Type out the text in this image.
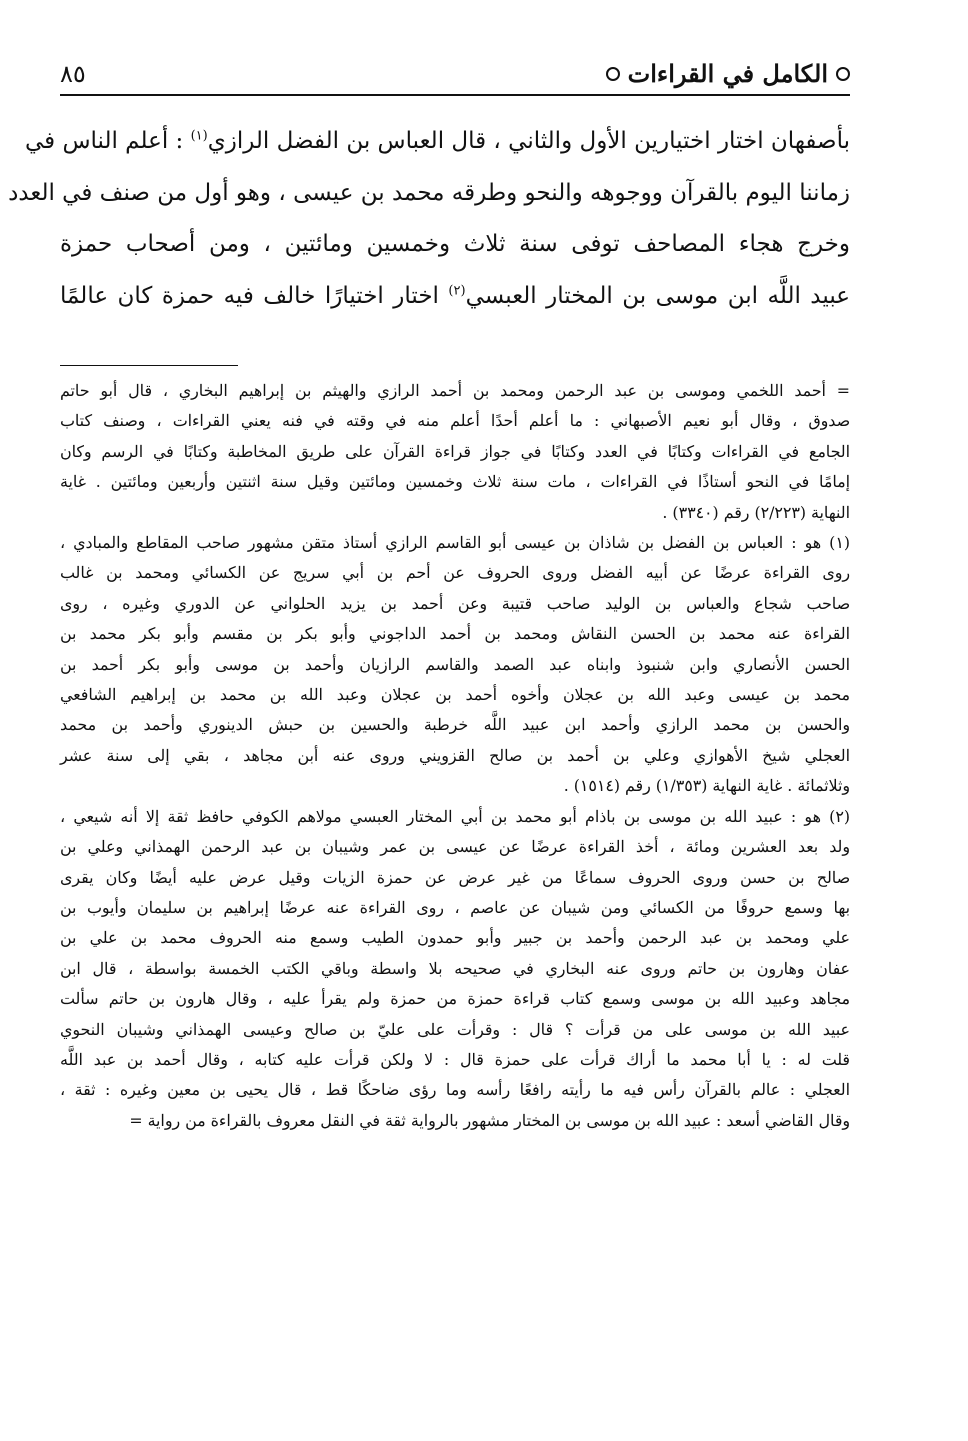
الكامل في القراءات
٨٥

بأصفهان اختار اختيارين الأول والثاني ، قال العباس بن الفضل الرازي$^{(١)}$ : أعلم الناس في

زماننا اليوم بالقرآن ووجوهه والنحو وطرقه محمد بن عيسى ، وهو أول من صنف في العدد

وخرج هجاء المصاحف توفى سنة ثلاث وخمسين ومائتين ، ومن أصحاب حمزة

عبيد اللَّه ابن موسى بن المختار العبسي$^{(٢)}$ اختار اختيارًا خالف فيه حمزة كان عالمًا

= أحمد اللخمي وموسى بن عبد الرحمن ومحمد بن أحمد الرازي والهيثم بن إبراهيم البخاري ، قال أبو حاتم
صدوق ، وقال أبو نعيم الأصبهاني : ما أعلم أحدًا أعلم منه في وقته في فنه يعني القراءات ، وصنف كتاب
الجامع في القراءات وكتابًا في العدد وكتابًا في جواز قراءة القرآن على طريق المخاطبة وكتابًا في الرسم وكان
إمامًا في النحو أستاذًا في القراءات ، مات سنة ثلاث وخمسين ومائتين وقيل سنة اثنتين وأربعين ومائتين . غاية
النهاية (٢/٢٢٣) رقم (٣٣٤٠) .
(١) هو : العباس بن الفضل بن شاذان بن عيسى أبو القاسم الرازي أستاذ متقن مشهور صاحب المقاطع والمبادي ،
روى القراءة عرضًا عن أبيه الفضل وروى الحروف عن أحم بن أبي سريج عن الكسائي ومحمد بن غالب
صاحب شجاع والعباس بن الوليد صاحب قتيبة وعن أحمد بن يزيد الحلواني عن الدوري وغيره ، روى
القراءة عنه محمد بن الحسن النقاش ومحمد بن أحمد الداجوني وأبو بكر بن مقسم وأبو بكر محمد بن
الحسن الأنصاري وابن شنبوذ وابناه عبد الصمد والقاسم الرازيان وأحمد بن موسى وأبو بكر أحمد بن
محمد بن عيسى وعبد الله بن عجلان وأخوه أحمد بن عجلان وعبد الله بن محمد بن إبراهيم الشافعي
والحسن بن محمد الرازي وأحمد ابن عبيد اللَّه خرطبة والحسين بن حبش الدينوري وأحمد بن محمد
العجلي شيخ الأهوازي وعلي بن أحمد بن صالح القزويني وروى عنه أبن مجاهد ، بقي إلى سنة عشر
وثلاثمائة . غاية النهاية (١/٣٥٣) رقم (١٥١٤) .
(٢) هو : عبيد الله بن موسى بن باذام أبو محمد بن أبي المختار العبسي مولاهم الكوفي حافظ ثقة إلا أنه شيعي ،
ولد بعد العشرين ومائة ، أخذ القراءة عرضًا عن عيسى بن عمر وشيبان بن عبد الرحمن الهمذاني وعلي بن
صالح بن حسن وروى الحروف سماعًا من غير عرض عن حمزة الزيات وقيل عرض عليه أيضًا وكان يقرى
بها وسمع حروفًا من الكسائي ومن شيبان عن عاصم ، روى القراءة عنه عرضًا إبراهيم بن سليمان وأيوب بن
علي ومحمد بن عبد الرحمن وأحمد بن جبير وأبو حمدون الطيب وسمع منه الحروف محمد بن علي بن
عفان وهارون بن حاتم وروى عنه البخاري في صحيحه بلا واسطة وباقي الكتب الخمسة بواسطة ، قال ابن
مجاهد وعبيد الله بن موسى وسمع كتاب قراءة حمزة من حمزة ولم يقرأ عليه ، وقال هارون بن حاتم سألت
عبيد الله بن موسى على من قرأت ؟ قال : وقرأت على عليّ بن صالح وعيسى الهمذاني وشيبان النحوي
قلت له : يا أبا محمد ما أراك قرأت على حمزة قال : لا ولكن قرأت عليه كتابه ، وقال أحمد بن عبد اللَّه
العجلي : عالم بالقرآن رأس فيه ما رأيته رافعًا رأسه وما رؤى ضاحكًا قط ، قال يحيى بن معين وغيره : ثقة ،
وقال القاضي أسعد : عبيد الله بن موسى بن المختار مشهور بالرواية ثقة في النقل معروف بالقراءة من رواية =
